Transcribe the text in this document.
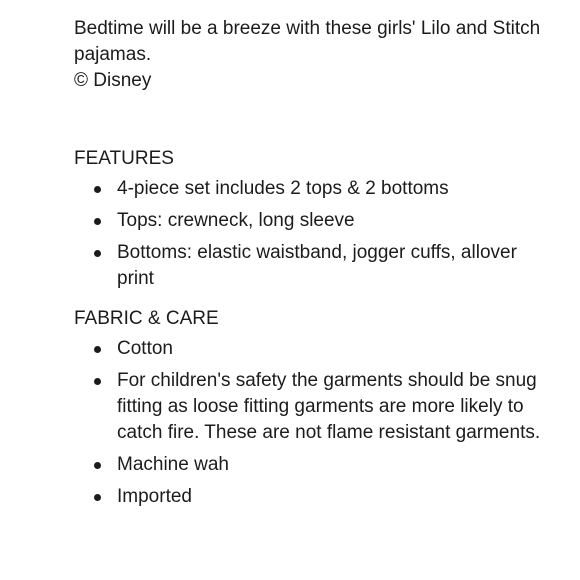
Bedtime will be a breeze with these girls' Lilo and Stitch pajamas.

© Disney

FEATURES
4-piece set includes 2 tops & 2 bottoms
Tops: crewneck, long sleeve
Bottoms: elastic waistband, jogger cuffs, allover print
FABRIC & CARE
Cotton
For children's safety the garments should be snug fitting as loose fitting garments are more likely to catch fire. These are not flame resistant garments.
Machine wah
Imported
